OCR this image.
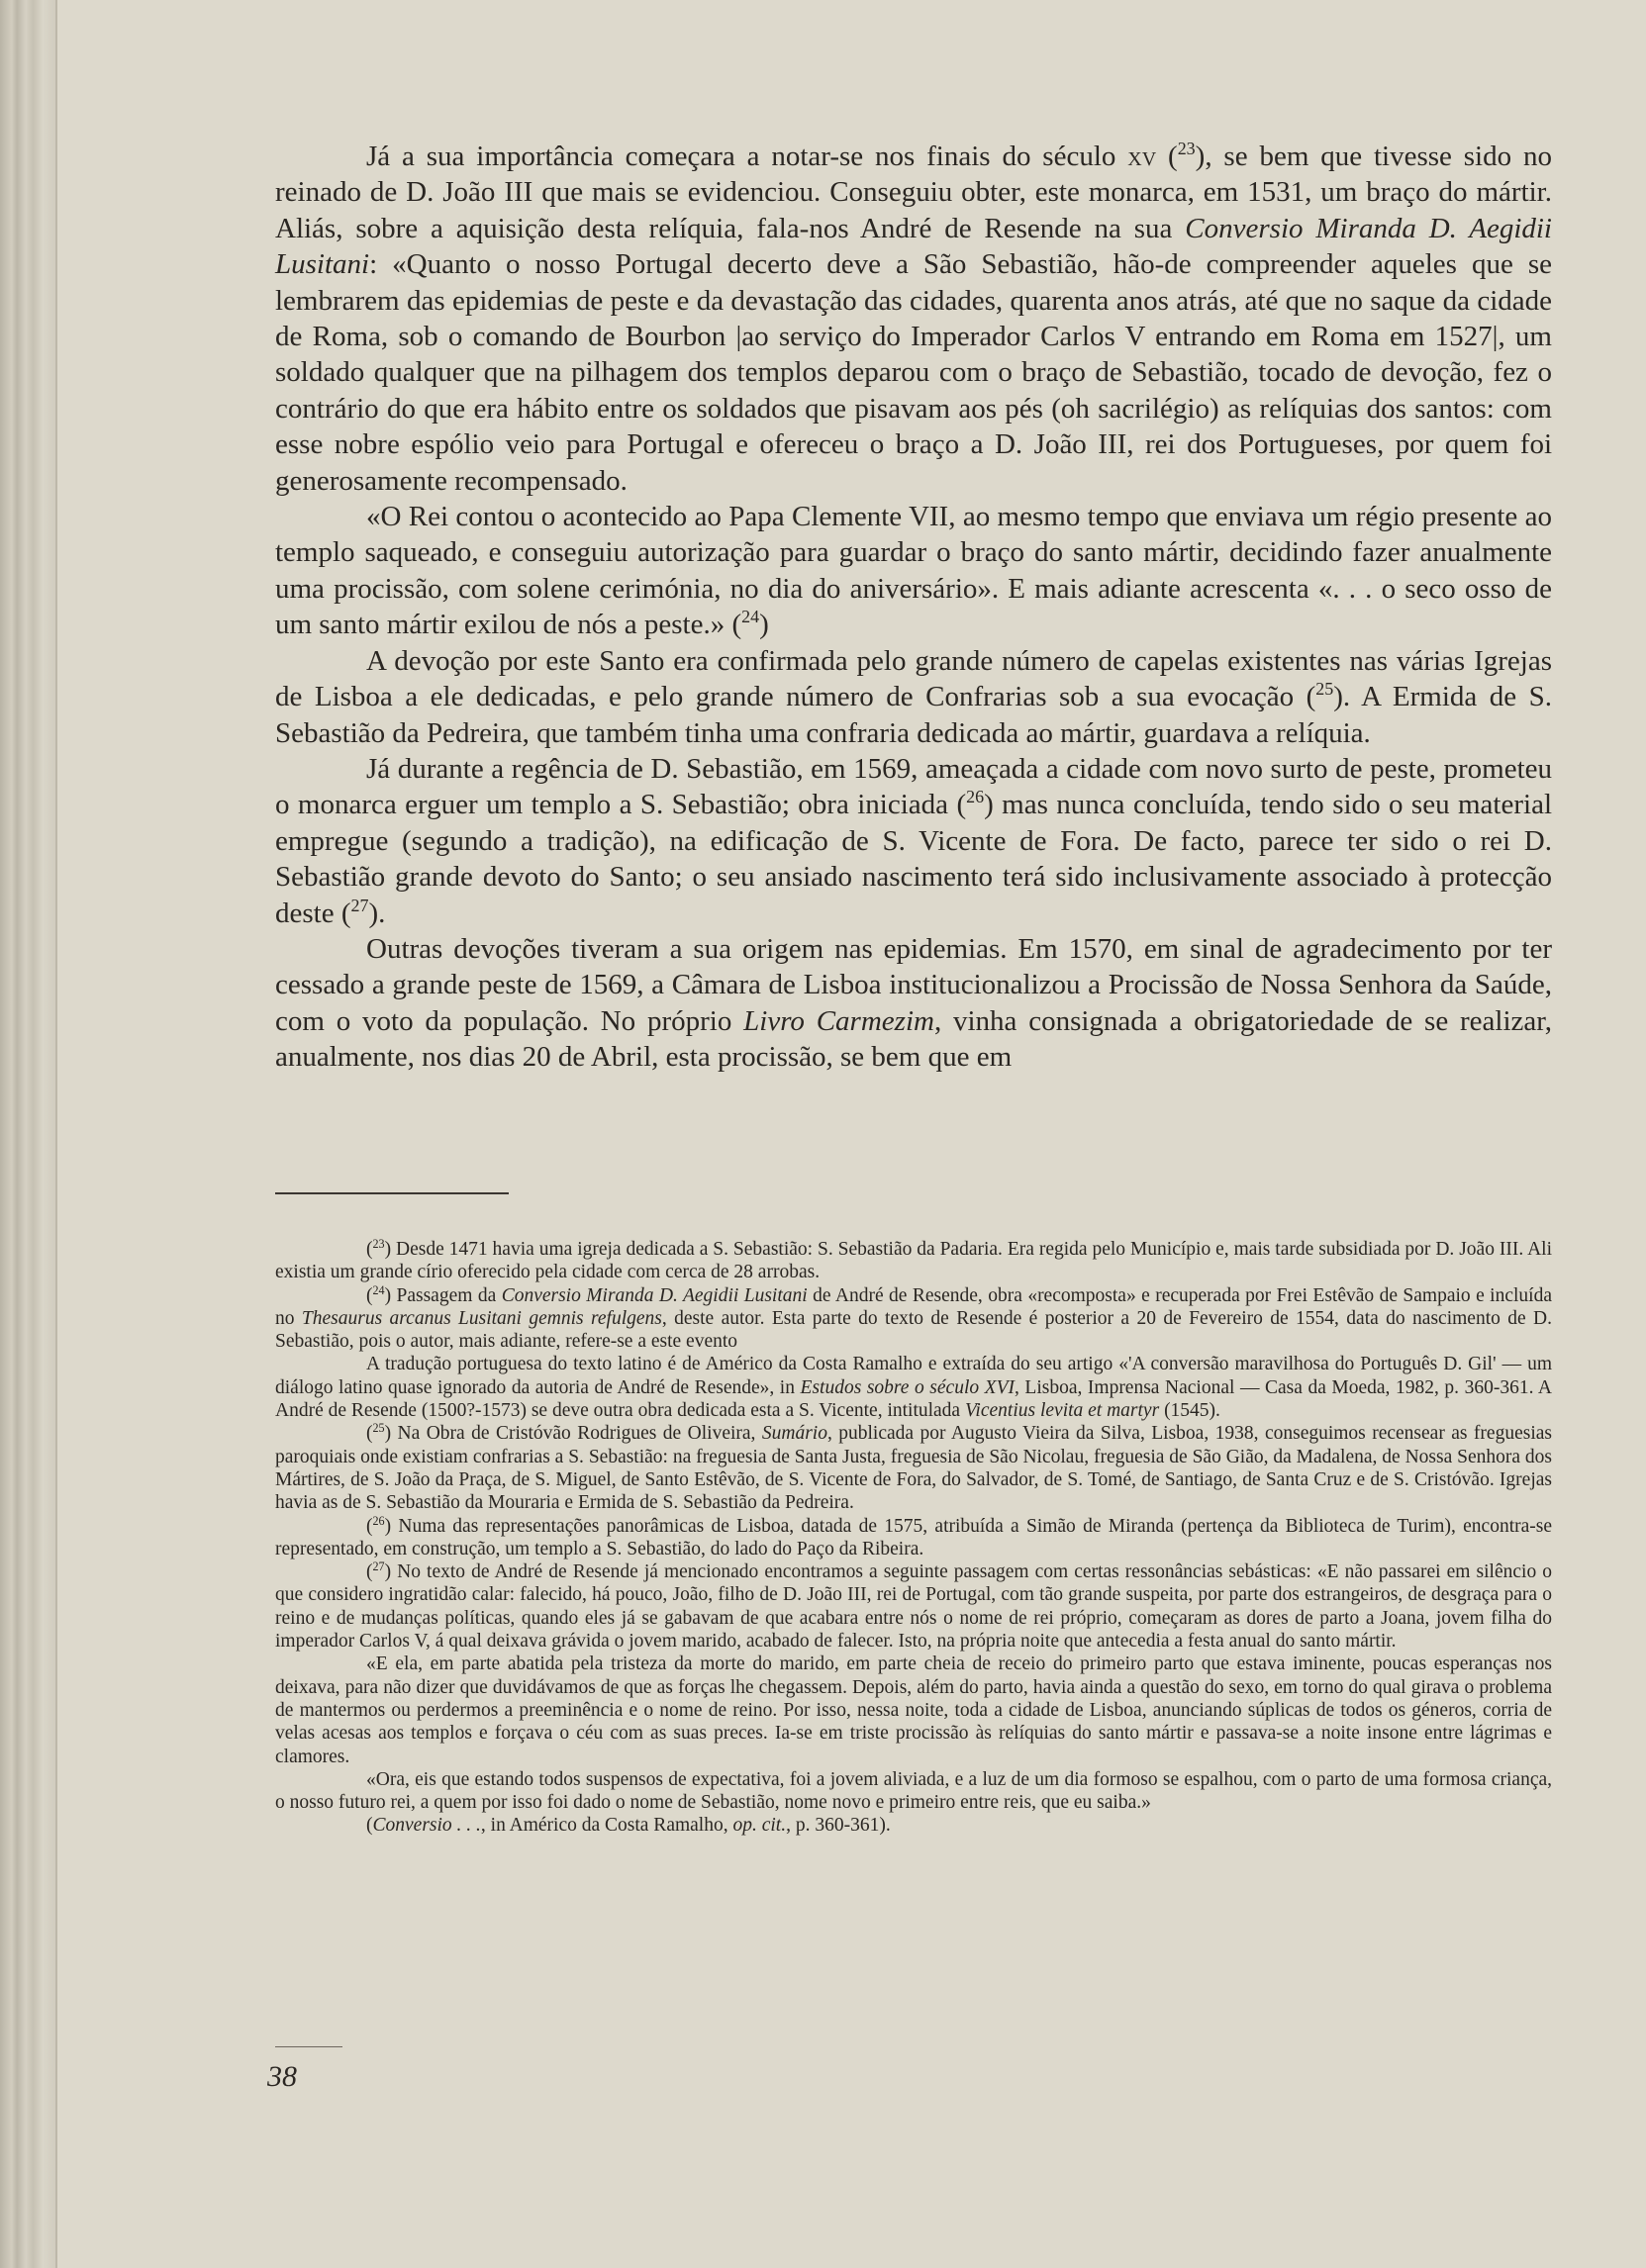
Já a sua importância começara a notar-se nos finais do século xv ($^{23}$), se bem que tivesse sido no reinado de D. João III que mais se evidenciou. Conseguiu obter, este monarca, em 1531, um braço do mártir. Aliás, sobre a aquisição desta relíquia, fala-nos André de Resende na sua Conversio Miranda D. Aegidii Lusitani: «Quanto o nosso Portugal decerto deve a São Sebastião, hão-de compreender aqueles que se lembrarem das epidemias de peste e da devastação das cidades, quarenta anos atrás, até que no saque da cidade de Roma, sob o comando de Bourbon |ao serviço do Imperador Carlos V entrando em Roma em 1527|, um soldado qualquer que na pilhagem dos templos deparou com o braço de Sebastião, tocado de devoção, fez o contrário do que era hábito entre os soldados que pisavam aos pés (oh sacrilégio) as relíquias dos santos: com esse nobre espólio veio para Portugal e ofereceu o braço a D. João III, rei dos Portugueses, por quem foi generosamente recompensado.

«O Rei contou o acontecido ao Papa Clemente VII, ao mesmo tempo que enviava um régio presente ao templo saqueado, e conseguiu autorização para guardar o braço do santo mártir, decidindo fazer anualmente uma procissão, com solene cerimónia, no dia do aniversário». E mais adiante acrescenta «. . . o seco osso de um santo mártir exilou de nós a peste.» ($^{24}$)

A devoção por este Santo era confirmada pelo grande número de capelas existentes nas várias Igrejas de Lisboa a ele dedicadas, e pelo grande número de Confrarias sob a sua evocação ($^{25}$). A Ermida de S. Sebastião da Pedreira, que também tinha uma confraria dedicada ao mártir, guardava a relíquia.

Já durante a regência de D. Sebastião, em 1569, ameaçada a cidade com novo surto de peste, prometeu o monarca erguer um templo a S. Sebastião; obra iniciada ($^{26}$) mas nunca concluída, tendo sido o seu material empregue (segundo a tradição), na edificação de S. Vicente de Fora. De facto, parece ter sido o rei D. Sebastião grande devoto do Santo; o seu ansiado nascimento terá sido inclusivamente associado à protecção deste ($^{27}$).

Outras devoções tiveram a sua origem nas epidemias. Em 1570, em sinal de agradecimento por ter cessado a grande peste de 1569, a Câmara de Lisboa institucionalizou a Procissão de Nossa Senhora da Saúde, com o voto da população. No próprio Livro Carmezim, vinha consignada a obrigatoriedade de se realizar, anualmente, nos dias 20 de Abril, esta procissão, se bem que em

($^{23}$) Desde 1471 havia uma igreja dedicada a S. Sebastião: S. Sebastião da Padaria. Era regida pelo Município e, mais tarde subsidiada por D. João III. Ali existia um grande círio oferecido pela cidade com cerca de 28 arrobas.

($^{24}$) Passagem da Conversio Miranda D. Aegidii Lusitani de André de Resende, obra «recomposta» e recuperada por Frei Estêvão de Sampaio e incluída no Thesaurus arcanus Lusitani gemnis refulgens, deste autor. Esta parte do texto de Resende é posterior a 20 de Fevereiro de 1554, data do nascimento de D. Sebastião, pois o autor, mais adiante, refere-se a este evento

A tradução portuguesa do texto latino é de Américo da Costa Ramalho e extraída do seu artigo «'A conversão maravilhosa do Português D. Gil' — um diálogo latino quase ignorado da autoria de André de Resende», in Estudos sobre o século XVI, Lisboa, Imprensa Nacional — Casa da Moeda, 1982, p. 360-361. A André de Resende (1500?-1573) se deve outra obra dedicada esta a S. Vicente, intitulada Vicentius levita et martyr (1545).

($^{25}$) Na Obra de Cristóvão Rodrigues de Oliveira, Sumário, publicada por Augusto Vieira da Silva, Lisboa, 1938, conseguimos recensear as freguesias paroquiais onde existiam confrarias a S. Sebastião: na freguesia de Santa Justa, freguesia de São Nicolau, freguesia de São Gião, da Madalena, de Nossa Senhora dos Mártires, de S. João da Praça, de S. Miguel, de Santo Estêvão, de S. Vicente de Fora, do Salvador, de S. Tomé, de Santiago, de Santa Cruz e de S. Cristóvão. Igrejas havia as de S. Sebastião da Mouraria e Ermida de S. Sebastião da Pedreira.

($^{26}$) Numa das representações panorâmicas de Lisboa, datada de 1575, atribuída a Simão de Miranda (pertença da Biblioteca de Turim), encontra-se representado, em construção, um templo a S. Sebastião, do lado do Paço da Ribeira.

($^{27}$) No texto de André de Resende já mencionado encontramos a seguinte passagem com certas ressonâncias sebásticas: «E não passarei em silêncio o que considero ingratidão calar: falecido, há pouco, João, filho de D. João III, rei de Portugal, com tão grande suspeita, por parte dos estrangeiros, de desgraça para o reino e de mudanças políticas, quando eles já se gabavam de que acabara entre nós o nome de rei próprio, começaram as dores de parto a Joana, jovem filha do imperador Carlos V, á qual deixava grávida o jovem marido, acabado de falecer. Isto, na própria noite que antecedia a festa anual do santo mártir.

«E ela, em parte abatida pela tristeza da morte do marido, em parte cheia de receio do primeiro parto que estava iminente, poucas esperanças nos deixava, para não dizer que duvidávamos de que as forças lhe chegassem. Depois, além do parto, havia ainda a questão do sexo, em torno do qual girava o problema de mantermos ou perdermos a preeminência e o nome de reino. Por isso, nessa noite, toda a cidade de Lisboa, anunciando súplicas de todos os géneros, corria de velas acesas aos templos e forçava o céu com as suas preces. Ia-se em triste procissão às relíquias do santo mártir e passava-se a noite insone entre lágrimas e clamores.

«Ora, eis que estando todos suspensos de expectativa, foi a jovem aliviada, e a luz de um dia formoso se espalhou, com o parto de uma formosa criança, o nosso futuro rei, a quem por isso foi dado o nome de Sebastião, nome novo e primeiro entre reis, que eu saiba.»

(Conversio . . ., in Américo da Costa Ramalho, op. cit., p. 360-361).

38
